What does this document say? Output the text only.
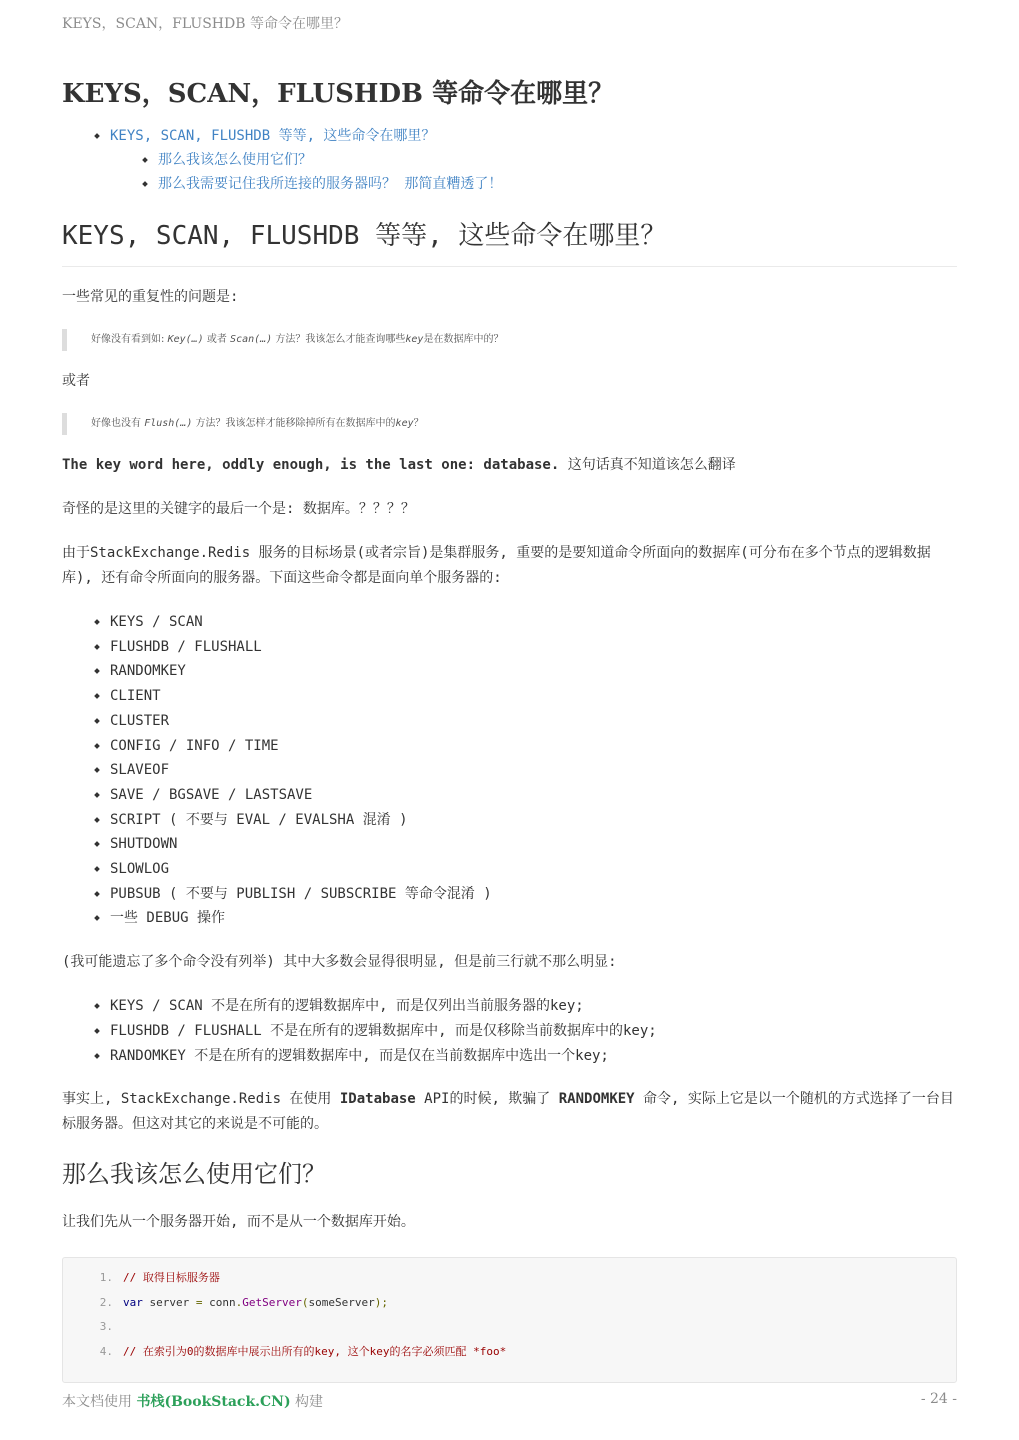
KEYS，SCAN，FLUSHDB 等命令在哪里？
KEYS，SCAN，FLUSHDB 等命令在哪里？
KEYS, SCAN, FLUSHDB 等等, 这些命令在哪里？
那么我该怎么使用它们？
那么我需要记住我所连接的服务器吗？ 那简直糟透了！
KEYS, SCAN, FLUSHDB 等等, 这些命令在哪里？

一些常见的重复性的问题是:

好像没有看到如: Key(…) 或者 Scan(…) 方法？我该怎么才能查询哪些key是在数据库中的？

或者

好像也没有 Flush(…) 方法？我该怎样才能移除掉所有在数据库中的key？

The key word here, oddly enough, is the last one: database. 这句话真不知道该怎么翻译

奇怪的是这里的关键字的最后一个是: 数据库。？？？？

由于StackExchange.Redis 服务的目标场景(或者宗旨)是集群服务, 重要的是要知道命令所面向的数据库(可分布在多个节点的逻辑数据库), 还有命令所面向的服务器。下面这些命令都是面向单个服务器的:

KEYS / SCAN
FLUSHDB / FLUSHALL
RANDOMKEY
CLIENT
CLUSTER
CONFIG / INFO / TIME
SLAVEOF
SAVE / BGSAVE / LASTSAVE
SCRIPT ( 不要与 EVAL / EVALSHA 混淆 )
SHUTDOWN
SLOWLOG
PUBSUB ( 不要与 PUBLISH / SUBSCRIBE 等命令混淆 )
一些 DEBUG 操作

(我可能遗忘了多个命令没有列举) 其中大多数会显得很明显, 但是前三行就不那么明显:

KEYS / SCAN 不是在所有的逻辑数据库中, 而是仅列出当前服务器的key;
FLUSHDB / FLUSHALL 不是在所有的逻辑数据库中, 而是仅移除当前数据库中的key;
RANDOMKEY 不是在所有的逻辑数据库中, 而是仅在当前数据库中选出一个key;

事实上, StackExchange.Redis 在使用 IDatabase API的时候, 欺骗了 RANDOMKEY 命令, 实际上它是以一个随机的方式选择了一台目标服务器。但这对其它的来说是不可能的。

那么我该怎么使用它们？

让我们先从一个服务器开始, 而不是从一个数据库开始。

1. // 取得目标服务器
2. var server = conn . GetServer ( someServer );
3.
4. // 在索引为0的数据库中展示出所有的key, 这个key的名字必须匹配 *foo*
本文档使用 书栈(BookStack.CN) 构建	- 24 -
